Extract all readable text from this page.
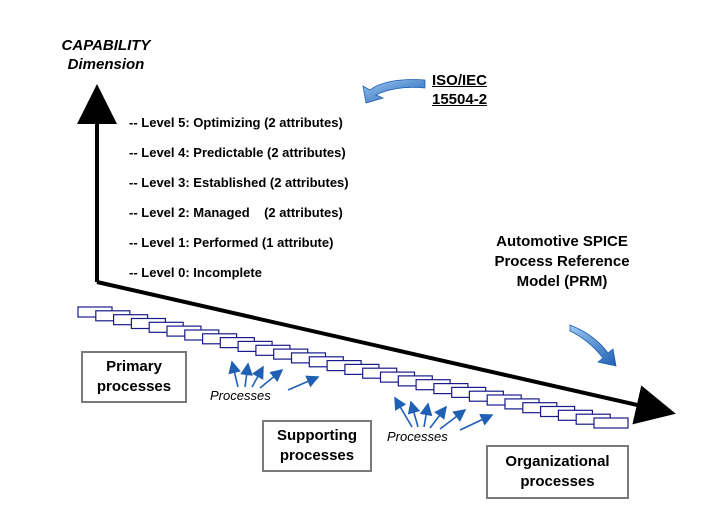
CAPABILITY
Dimension
-- Level 5: Optimizing (2 attributes)
-- Level 4: Predictable (2 attributes)
-- Level 3: Established (2 attributes)
-- Level 2: Managed    (2 attributes)
-- Level 1: Performed (1 attribute)
-- Level 0: Incomplete
ISO/IEC
15504-2
Automotive SPICE
Process Reference
Model (PRM)
Primary
processes
Supporting
processes	Organizational
processes
Processes
Processes
